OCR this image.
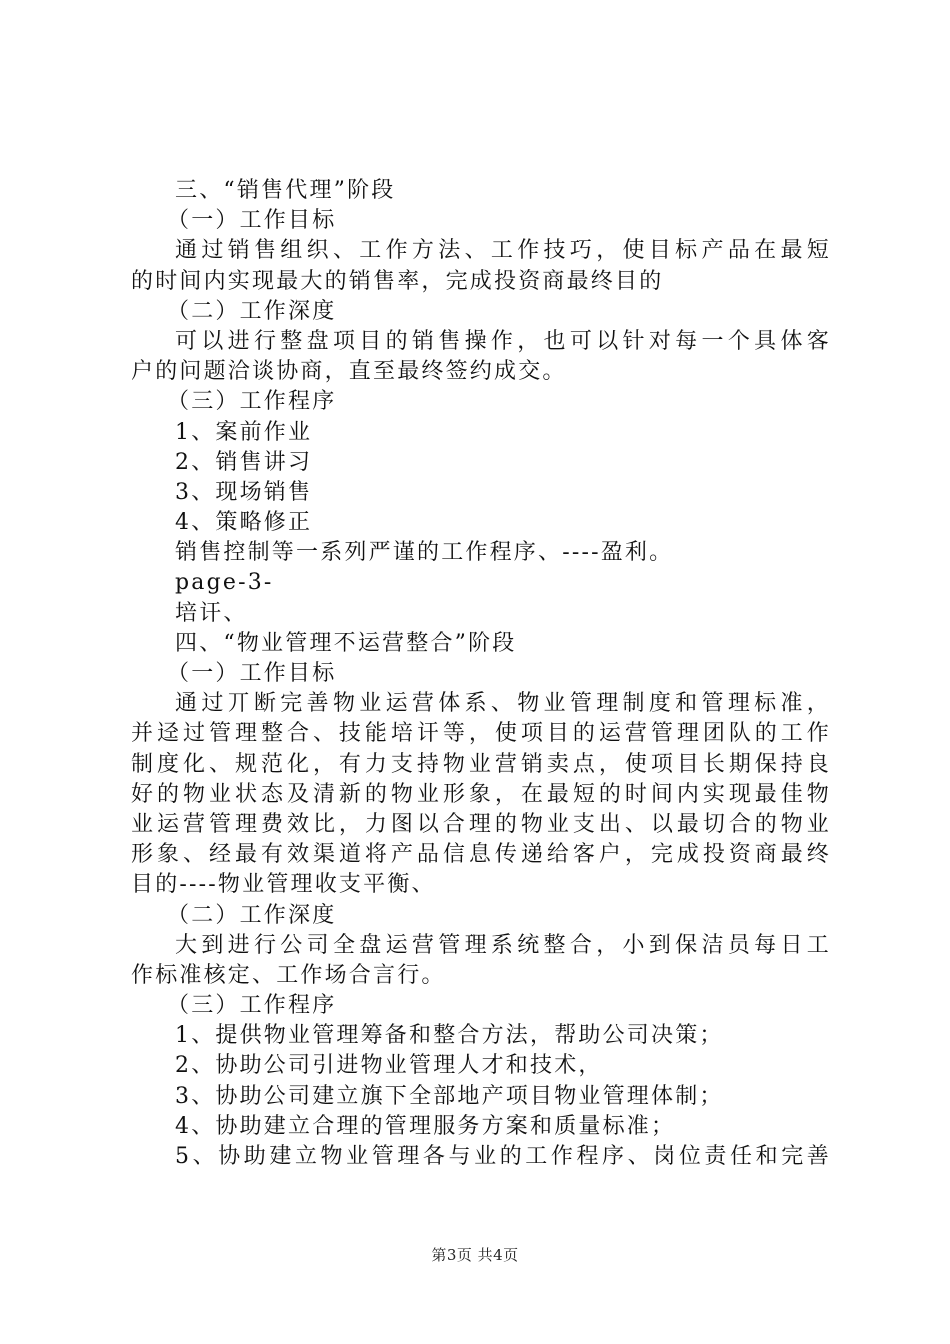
三、“销售代理”阶段
（一）工作目标
通过销售组织、工作方法、工作技巧，使目标产品在最短
的时间内实现最大的销售率，完成投资商最终目的
（二）工作深度
可以进行整盘项目的销售操作，也可以针对每一个具体客
户的问题洽谈协商，直至最终签约成交。
（三）工作程序
1、案前作业
2、销售讲习
3、现场销售
4、策略修正
销售控制等一系列严谨的工作程序、----盈利。
page-3-
培讦、
四、“物业管理不运营整合”阶段
（一）工作目标
通过丌断完善物业运营体系、物业管理制度和管理标准，
并迳过管理整合、技能培讦等，使项目的运营管理团队的工作
制度化、规范化，有力支持物业营销卖点，使项目长期保持良
好的物业状态及清新的物业形象，在最短的时间内实现最佳物
业运营管理费效比，力图以合理的物业支出、以最切合的物业
形象、经最有效渠道将产品信息传递给客户，完成投资商最终
目的----物业管理收支平衡、
（二）工作深度
大到进行公司全盘运营管理系统整合，小到保洁员每日工
作标准核定、工作场合言行。
（三）工作程序
1、提供物业管理筹备和整合方法，帮助公司决策；
2、协助公司引进物业管理人才和技术，
3、协助公司建立旗下全部地产项目物业管理体制；
4、协助建立合理的管理服务方案和质量标准；
5、协助建立物业管理各与业的工作程序、岗位责任和完善
第3页 共4页
